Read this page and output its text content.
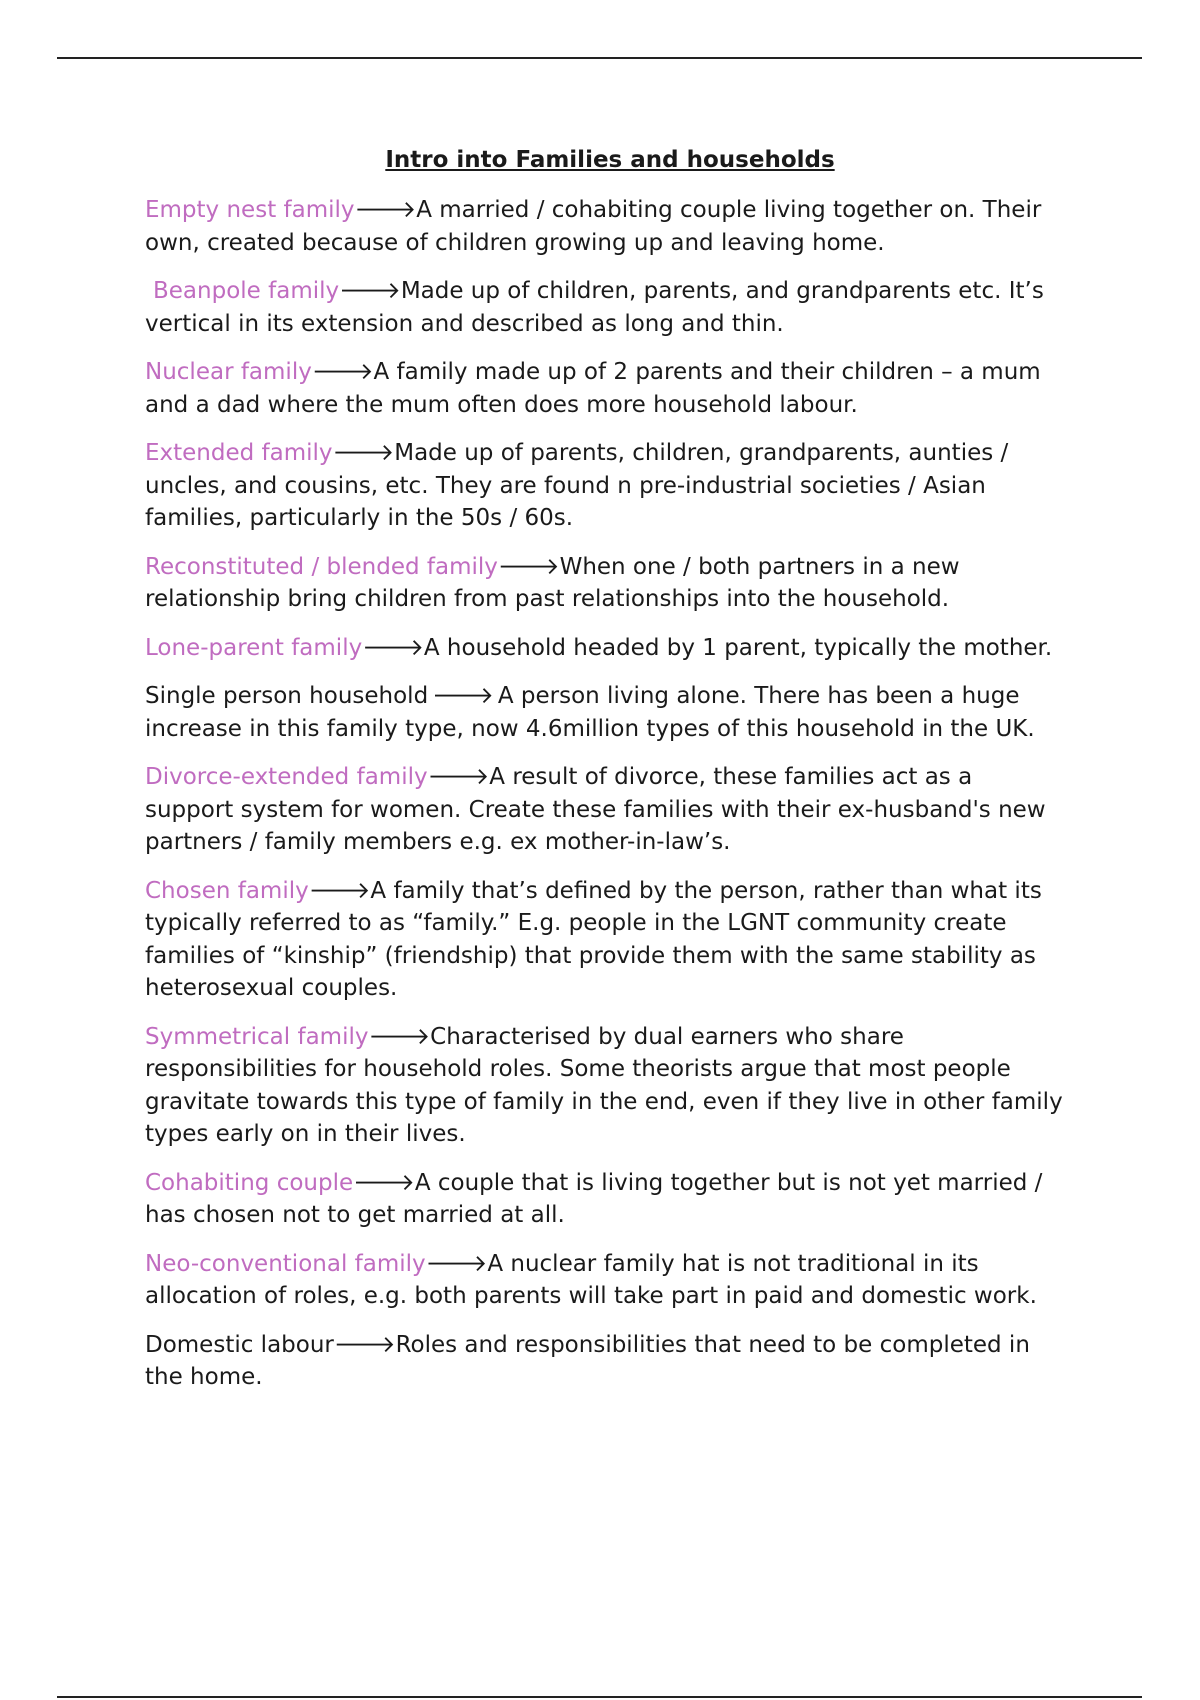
Intro into Families and households

Empty nest family🡒A married / cohabiting couple living together on. Their own, created because of children growing up and leaving home.

Beanpole family🡒Made up of children, parents, and grandparents etc. It’s vertical in its extension and described as long and thin.

Nuclear family🡒A family made up of 2 parents and their children – a mum and a dad where the mum often does more household labour.

Extended family🡒Made up of parents, children, grandparents, aunties / uncles, and cousins, etc. They are found n pre-industrial societies / Asian families, particularly in the 50s / 60s.

Reconstituted / blended family🡒When one / both partners in a new relationship bring children from past relationships into the household.

Lone-parent family🡒A household headed by 1 parent, typically the mother.

Single person household 🡒 A person living alone. There has been a huge increase in this family type, now 4.6million types of this household in the UK.

Divorce-extended family🡒A result of divorce, these families act as a support system for women. Create these families with their ex-husband's new partners / family members e.g. ex mother-in-law’s.

Chosen family🡒A family that’s defined by the person, rather than what its typically referred to as “family.” E.g. people in the LGNT community create families of “kinship” (friendship) that provide them with the same stability as heterosexual couples.

Symmetrical family🡒Characterised by dual earners who share responsibilities for household roles. Some theorists argue that most people gravitate towards this type of family in the end, even if they live in other family types early on in their lives.

Cohabiting couple🡒A couple that is living together but is not yet married / has chosen not to get married at all.

Neo-conventional family🡒A nuclear family hat is not traditional in its allocation of roles, e.g. both parents will take part in paid and domestic work.

Domestic labour🡒Roles and responsibilities that need to be completed in the home.
